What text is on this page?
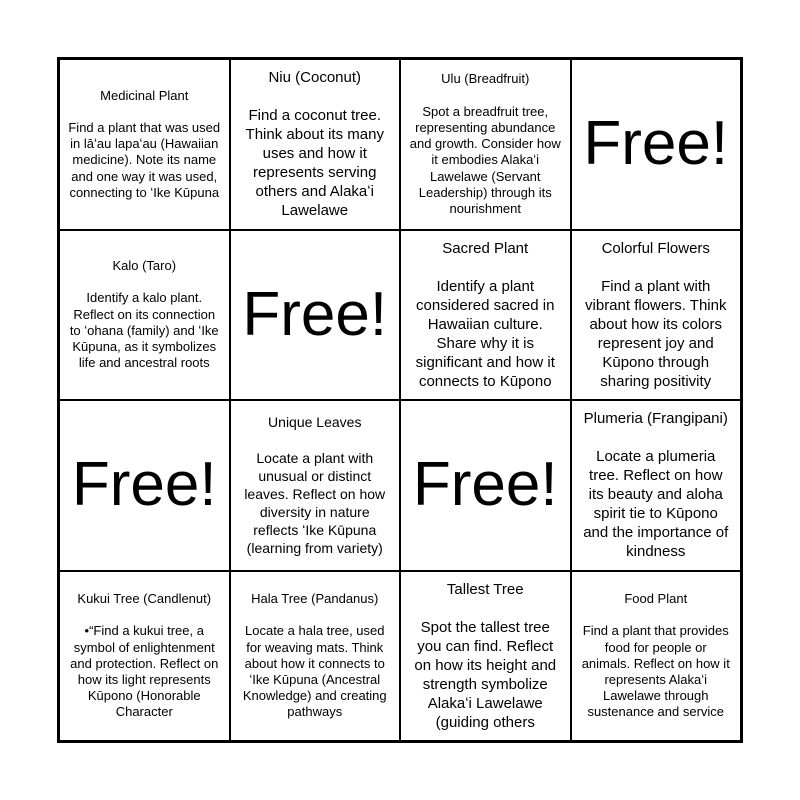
Medicinal Plant

Find a plant that was used in lāʻau lapaʻau (Hawaiian medicine). Note its name and one way it was used, connecting to ʻIke Kūpuna
Niu (Coconut)

Find a coconut tree. Think about its many uses and how it represents serving others and Alakaʻi Lawelawe
Ulu (Breadfruit)

Spot a breadfruit tree, representing abundance and growth. Consider how it embodies Alakaʻi Lawelawe (Servant Leadership) through its nourishment
Free!
Kalo (Taro)

Identify a kalo plant. Reflect on its connection to ʻohana (family) and ʻIke Kūpuna, as it symbolizes life and ancestral roots
Free!
Sacred Plant

Identify a plant considered sacred in Hawaiian culture. Share why it is significant and how it connects to Kūpono
Colorful Flowers

Find a plant with vibrant flowers. Think about how its colors represent joy and Kūpono through sharing positivity
Free!
Unique Leaves

Locate a plant with unusual or distinct leaves. Reflect on how diversity in nature reflects ʻIke Kūpuna (learning from variety)
Free!
Plumeria (Frangipani)

Locate a plumeria tree. Reflect on how its beauty and aloha spirit tie to Kūpono and the importance of kindness
Kukui Tree (Candlenut)

•“Find a kukui tree, a symbol of enlightenment and protection. Reflect on how its light represents Kūpono (Honorable Character
Hala Tree (Pandanus)

Locate a hala tree, used for weaving mats. Think about how it connects to ʻIke Kūpuna (Ancestral Knowledge) and creating pathways
Tallest Tree

Spot the tallest tree you can find. Reflect on how its height and strength symbolize Alakaʻi Lawelawe (guiding others
Food Plant

Find a plant that provides food for people or animals. Reflect on how it represents Alakaʻi Lawelawe through sustenance and service
